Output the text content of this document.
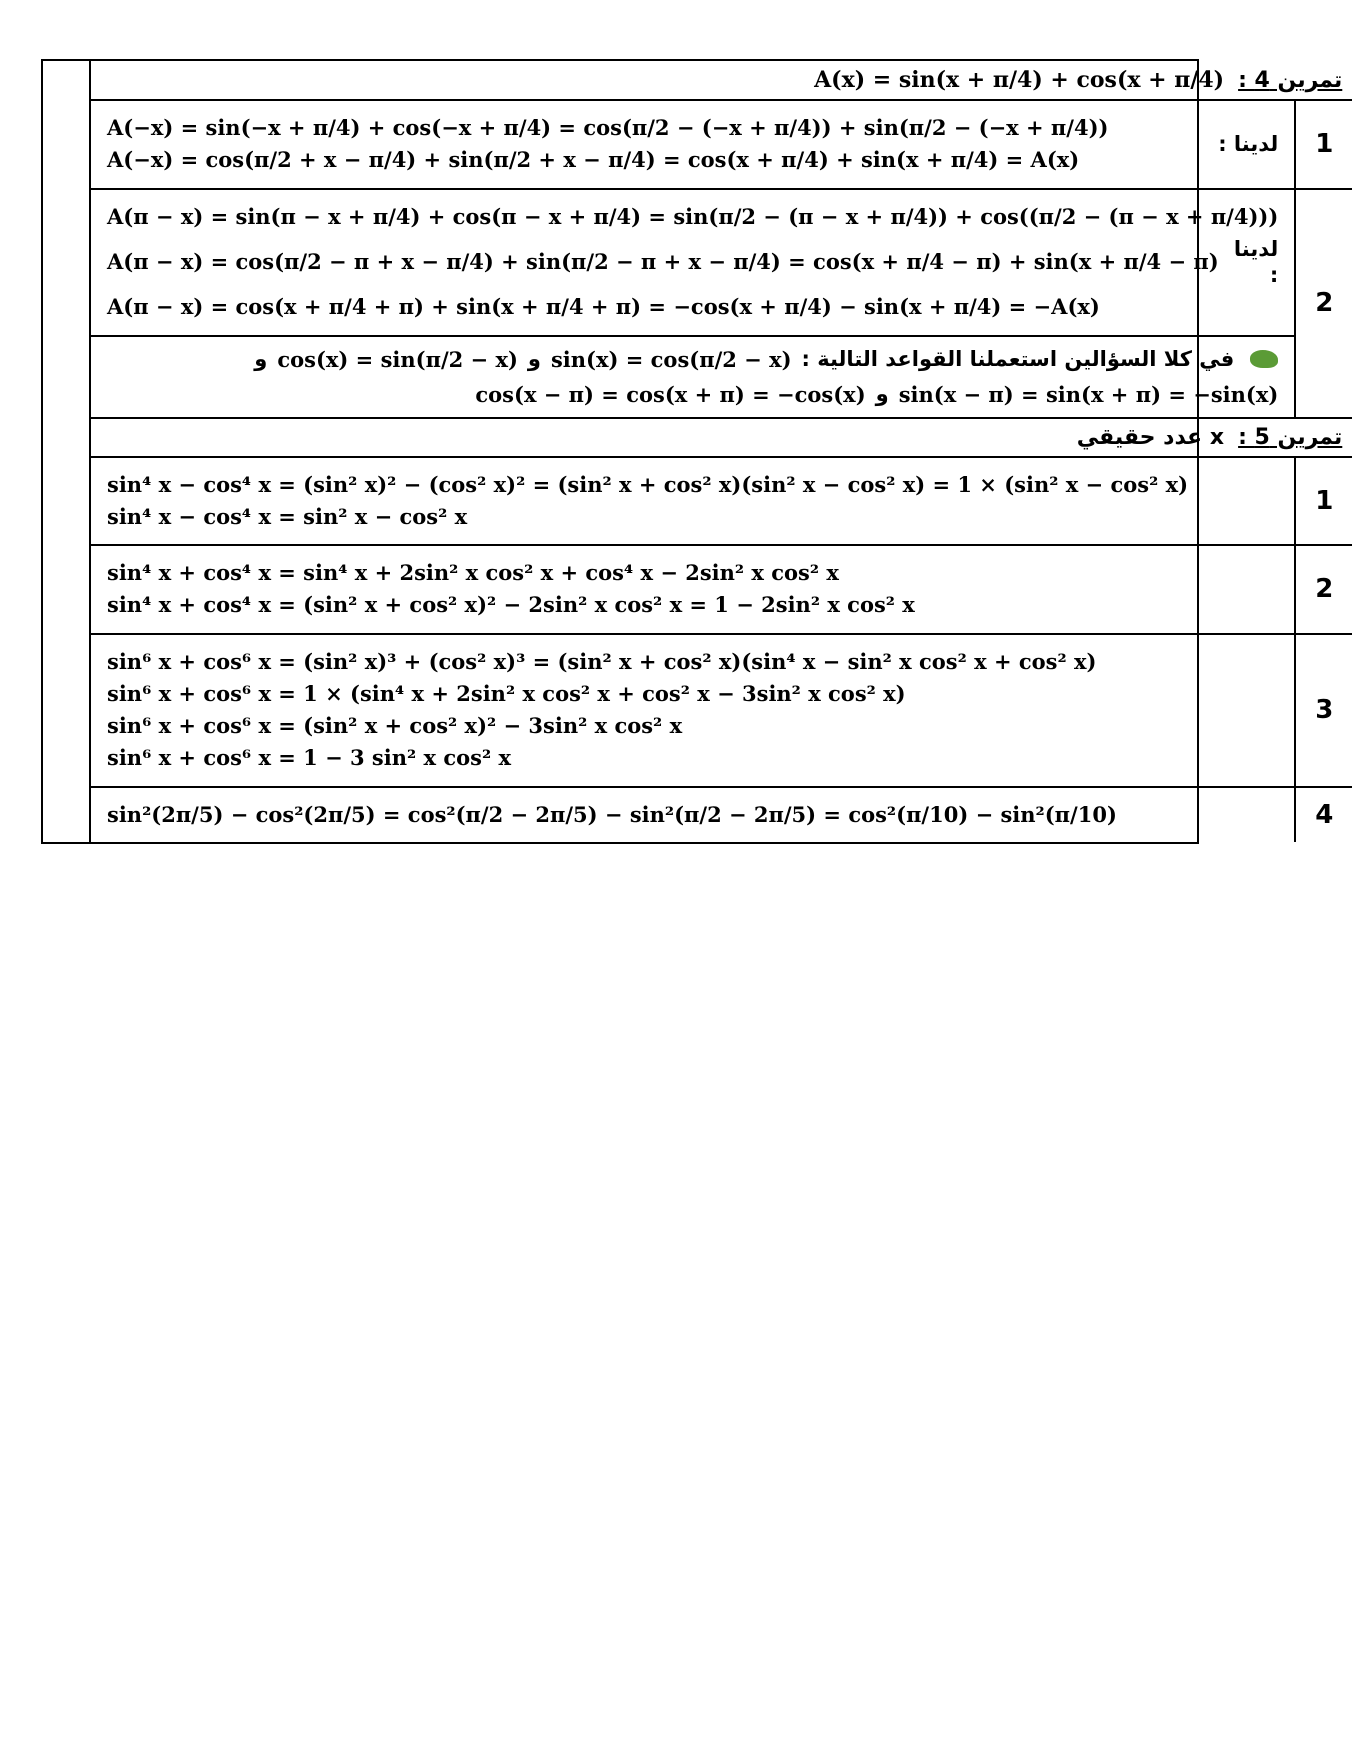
A(x) = sin(x + π/4) + cos(x + π/4) تمرين 4 :
A(−x) = sin(−x + π/4) + cos(−x + π/4) = cos(π/2 − (−x + π/4)) + sin(π/2 − (−x + π/4))
A(−x) = cos(π/2 + x − π/4) + sin(π/2 + x − π/4) = cos(x + π/4) + sin(x + π/4) = A(x)
لدينا :	1
A(π − x) = sin(π − x + π/4) + cos(π − x + π/4) = sin(π/2 − (π − x + π/4)) + cos((π/2 − (π − x + π/4)))
A(π − x) = cos(π/2 − π + x − π/4) + sin(π/2 − π + x − π/4) = cos(x + π/4 − π) + sin(x + π/4 − π)
لدينا :
A(π − x) = cos(x + π/4 + π) + sin(x + π/4 + π) = −cos(x + π/4) − sin(x + π/4) = −A(x)
و cos(x) = sin(π/2 − x) و sin(x) = cos(π/2 − x) في كلا السؤالين استعملنا القواعد التالية :
cos(x − π) = cos(x + π) = −cos(x) و sin(x − π) = sin(x + π) = −sin(x)
2
x عدد حقيقي تمرين 5 :
sin⁴ x − cos⁴ x = (sin² x)² − (cos² x)² = (sin² x + cos² x)(sin² x − cos² x) = 1 × (sin² x − cos² x)
sin⁴ x − cos⁴ x = sin² x − cos² x
1
sin⁴ x + cos⁴ x = sin⁴ x + 2sin² x cos² x + cos⁴ x − 2sin² x cos² x
sin⁴ x + cos⁴ x = (sin² x + cos² x)² − 2sin² x cos² x = 1 − 2sin² x cos² x
2
sin⁶ x + cos⁶ x = (sin² x)³ + (cos² x)³ = (sin² x + cos² x)(sin⁴ x − sin² x cos² x + cos² x)
sin⁶ x + cos⁶ x = 1 × (sin⁴ x + 2sin² x cos² x + cos² x − 3sin² x cos² x)
sin⁶ x + cos⁶ x = (sin² x + cos² x)² − 3sin² x cos² x
sin⁶ x + cos⁶ x = 1 − 3 sin² x cos² x
3
sin²(2π/5) − cos²(2π/5) = cos²(π/2 − 2π/5) − sin²(π/2 − 2π/5) = cos²(π/10) − sin²(π/10)	4
